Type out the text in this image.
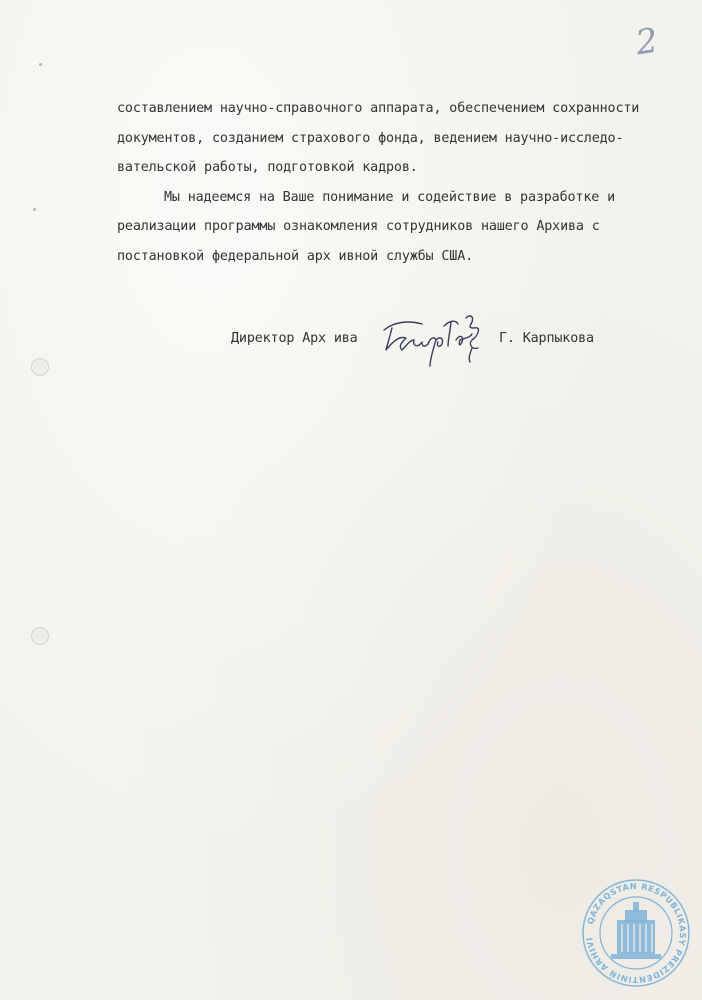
2
составлением научно-справочного аппарата, обеспечением сохранности
документов, созданием страхового фонда, ведением научно-исследо-
вательской работы, подготовкой кадров.
Мы надеемся на Ваше понимание и содействие в разработке и
реализации программы ознакомления сотрудников нашего Архива с
постановкой федеральной арх ивной службы США.
Директор Арх ива	Г. Карпыкова
QAZAQSTAN RESPUBLIKASY PREZIDENTINIŃ ARHIVI
